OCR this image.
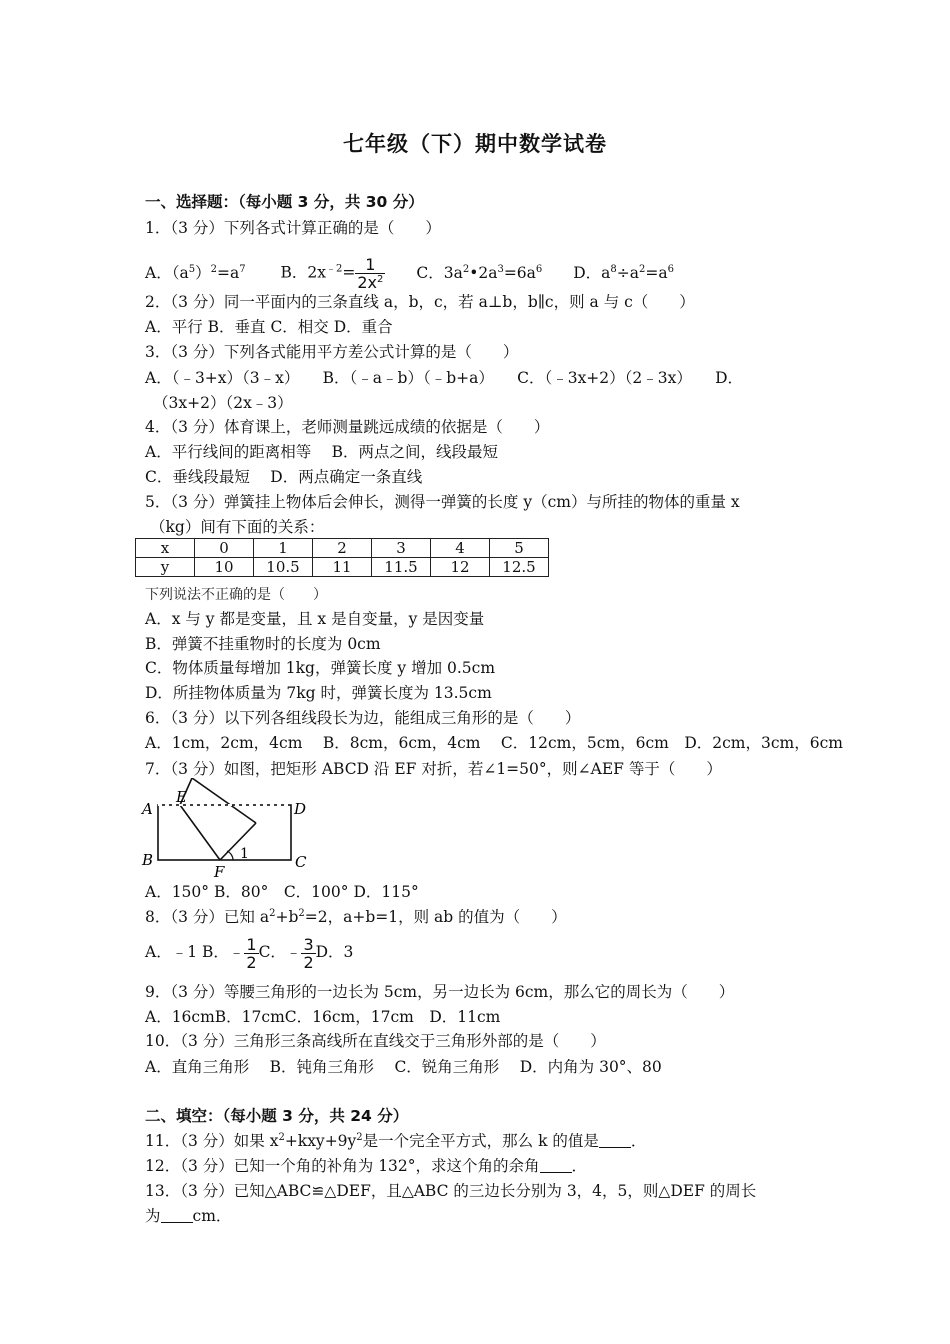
七年级（下）期中数学试卷
一、选择题：（每小题 3 分，共 30 分）
1．（3 分）下列各式计算正确的是（　　）
A．$(a^5)^2=a^7$ B．$2x^{﹣2}= \frac{1}{2x^2}$ C．$3a^2•2a^3=6a^6$ D．$a^8\div a^2=a^6$
2．（3 分）同一平面内的三条直线 a，b，c，若 a⊥b，b∥c，则 a 与 c（　　）
A．平行 B．垂直 C．相交 D．重合
3．（3 分）下列各式能用平方差公式计算的是（　　）
A．（﹣3+x）（3﹣x）　　B．（﹣a﹣b）（﹣b+a）　　C．（﹣3x+2）（2﹣3x）　　D．
（3x+2）（2x﹣3）
4．（3 分）体育课上，老师测量跳远成绩的依据是（　　）
A．平行线间的距离相等　 B．两点之间，线段最短
C．垂线段最短　 D．两点确定一条直线
5．（3 分）弹簧挂上物体后会伸长，测得一弹簧的长度 y（cm）与所挂的物体的重量 x
（kg）间有下面的关系：
x	0	1	2	3	4	5
y	10	10.5	11	11.5	12	12.5
下列说法不正确的是（　　）
A．x 与 y 都是变量，且 x 是自变量，y 是因变量
B．弹簧不挂重物时的长度为 0cm
C．物体质量每增加 1kg，弹簧长度 y 增加 0.5cm
D．所挂物体质量为 7kg 时，弹簧长度为 13.5cm
6．（3 分）以下列各组线段长为边，能组成三角形的是（　　）
A．1cm，2cm，4cm　 B．8cm，6cm，4cm　 C．12cm，5cm，6cm　D．2cm，3cm，6cm
7．（3 分）如图，把矩形 ABCD 沿 EF 对折，若∠1=50°，则∠AEF 等于（　　）
A
E
D
B
F
C
1
A．150° B．80°　C．100° D．115°
8．（3 分）已知 $a^2+b^2=2$，a+b=1，则 ab 的值为（　　）
A．﹣1 B．﹣ $\frac{1}{2}$ C．﹣ $\frac{3}{2}$ D．3
9．（3 分）等腰三角形的一边长为 5cm，另一边长为 6cm，那么它的周长为（　　）
A．16cmB．17cmC．16cm，17cm　D．11cm
10．（3 分）三角形三条高线所在直线交于三角形外部的是（　　）
A．直角三角形　 B．钝角三角形　 C．锐角三角形　 D．内角为 30°、80
二、填空：（每小题 3 分，共 24 分）
11．（3 分）如果 $x^2+kxy+9y^2$是一个完全平方式，那么 k 的值是 ．
12．（3 分）已知一个角的补角为 132°，求这个角的余角 ．
13．（3 分）已知△ABC≌△DEF，且△ABC 的三边长分别为 3，4，5，则△DEF 的周长
为 cm．
